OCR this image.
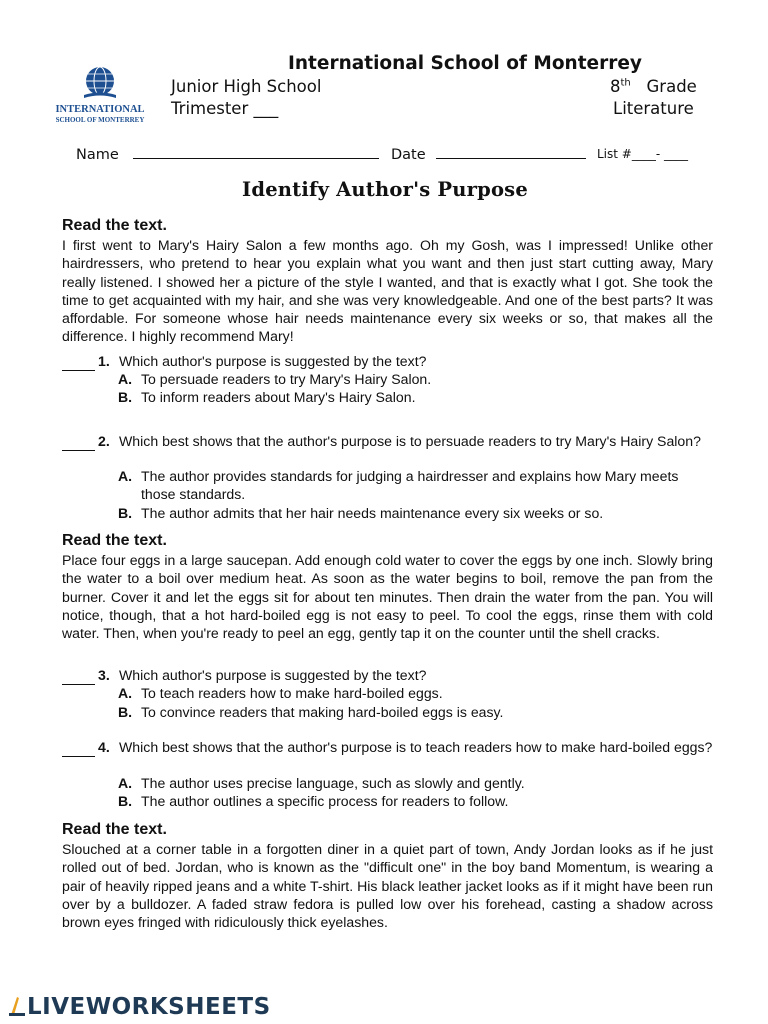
International School of Monterrey
INTERNATIONAL
SCHOOL OF MONTERREY
Junior High School
Trimester ___
8th Grade
Literature
Name	Date	List #____- ____
Identify Author's Purpose
Read the text.
I first went to Mary's Hairy Salon a few months ago. Oh my Gosh, was I impressed! Unlike other hairdressers, who pretend to hear you explain what you want and then just start cutting away, Mary really listened. I showed her a picture of the style I wanted, and that is exactly what I got. She took the time to get acquainted with my hair, and she was very knowledgeable. And one of the best parts? It was affordable. For someone whose hair needs maintenance every six weeks or so, that makes all the difference. I highly recommend Mary!
1. Which author's purpose is suggested by the text?
A. To persuade readers to try Mary's Hairy Salon.
B. To inform readers about Mary's Hairy Salon.
2. Which best shows that the author's purpose is to persuade readers to try Mary's Hairy Salon?
A. The author provides standards for judging a hairdresser and explains how Mary meets those standards.
B. The author admits that her hair needs maintenance every six weeks or so.
Read the text.
Place four eggs in a large saucepan. Add enough cold water to cover the eggs by one inch. Slowly bring the water to a boil over medium heat. As soon as the water begins to boil, remove the pan from the burner. Cover it and let the eggs sit for about ten minutes. Then drain the water from the pan. You will notice, though, that a hot hard-boiled egg is not easy to peel. To cool the eggs, rinse them with cold water. Then, when you're ready to peel an egg, gently tap it on the counter until the shell cracks.
3. Which author's purpose is suggested by the text?
A. To teach readers how to make hard-boiled eggs.
B. To convince readers that making hard-boiled eggs is easy.
4. Which best shows that the author's purpose is to teach readers how to make hard-boiled eggs?
A. The author uses precise language, such as slowly and gently.
B. The author outlines a specific process for readers to follow.
Read the text.
Slouched at a corner table in a forgotten diner in a quiet part of town, Andy Jordan looks as if he just rolled out of bed. Jordan, who is known as the "difficult one" in the boy band Momentum, is wearing a pair of heavily ripped jeans and a white T-shirt. His black leather jacket looks as if it might have been run over by a bulldozer. A faded straw fedora is pulled low over his forehead, casting a shadow across brown eyes fringed with ridiculously thick eyelashes.
LIVEWORKSHEETS
